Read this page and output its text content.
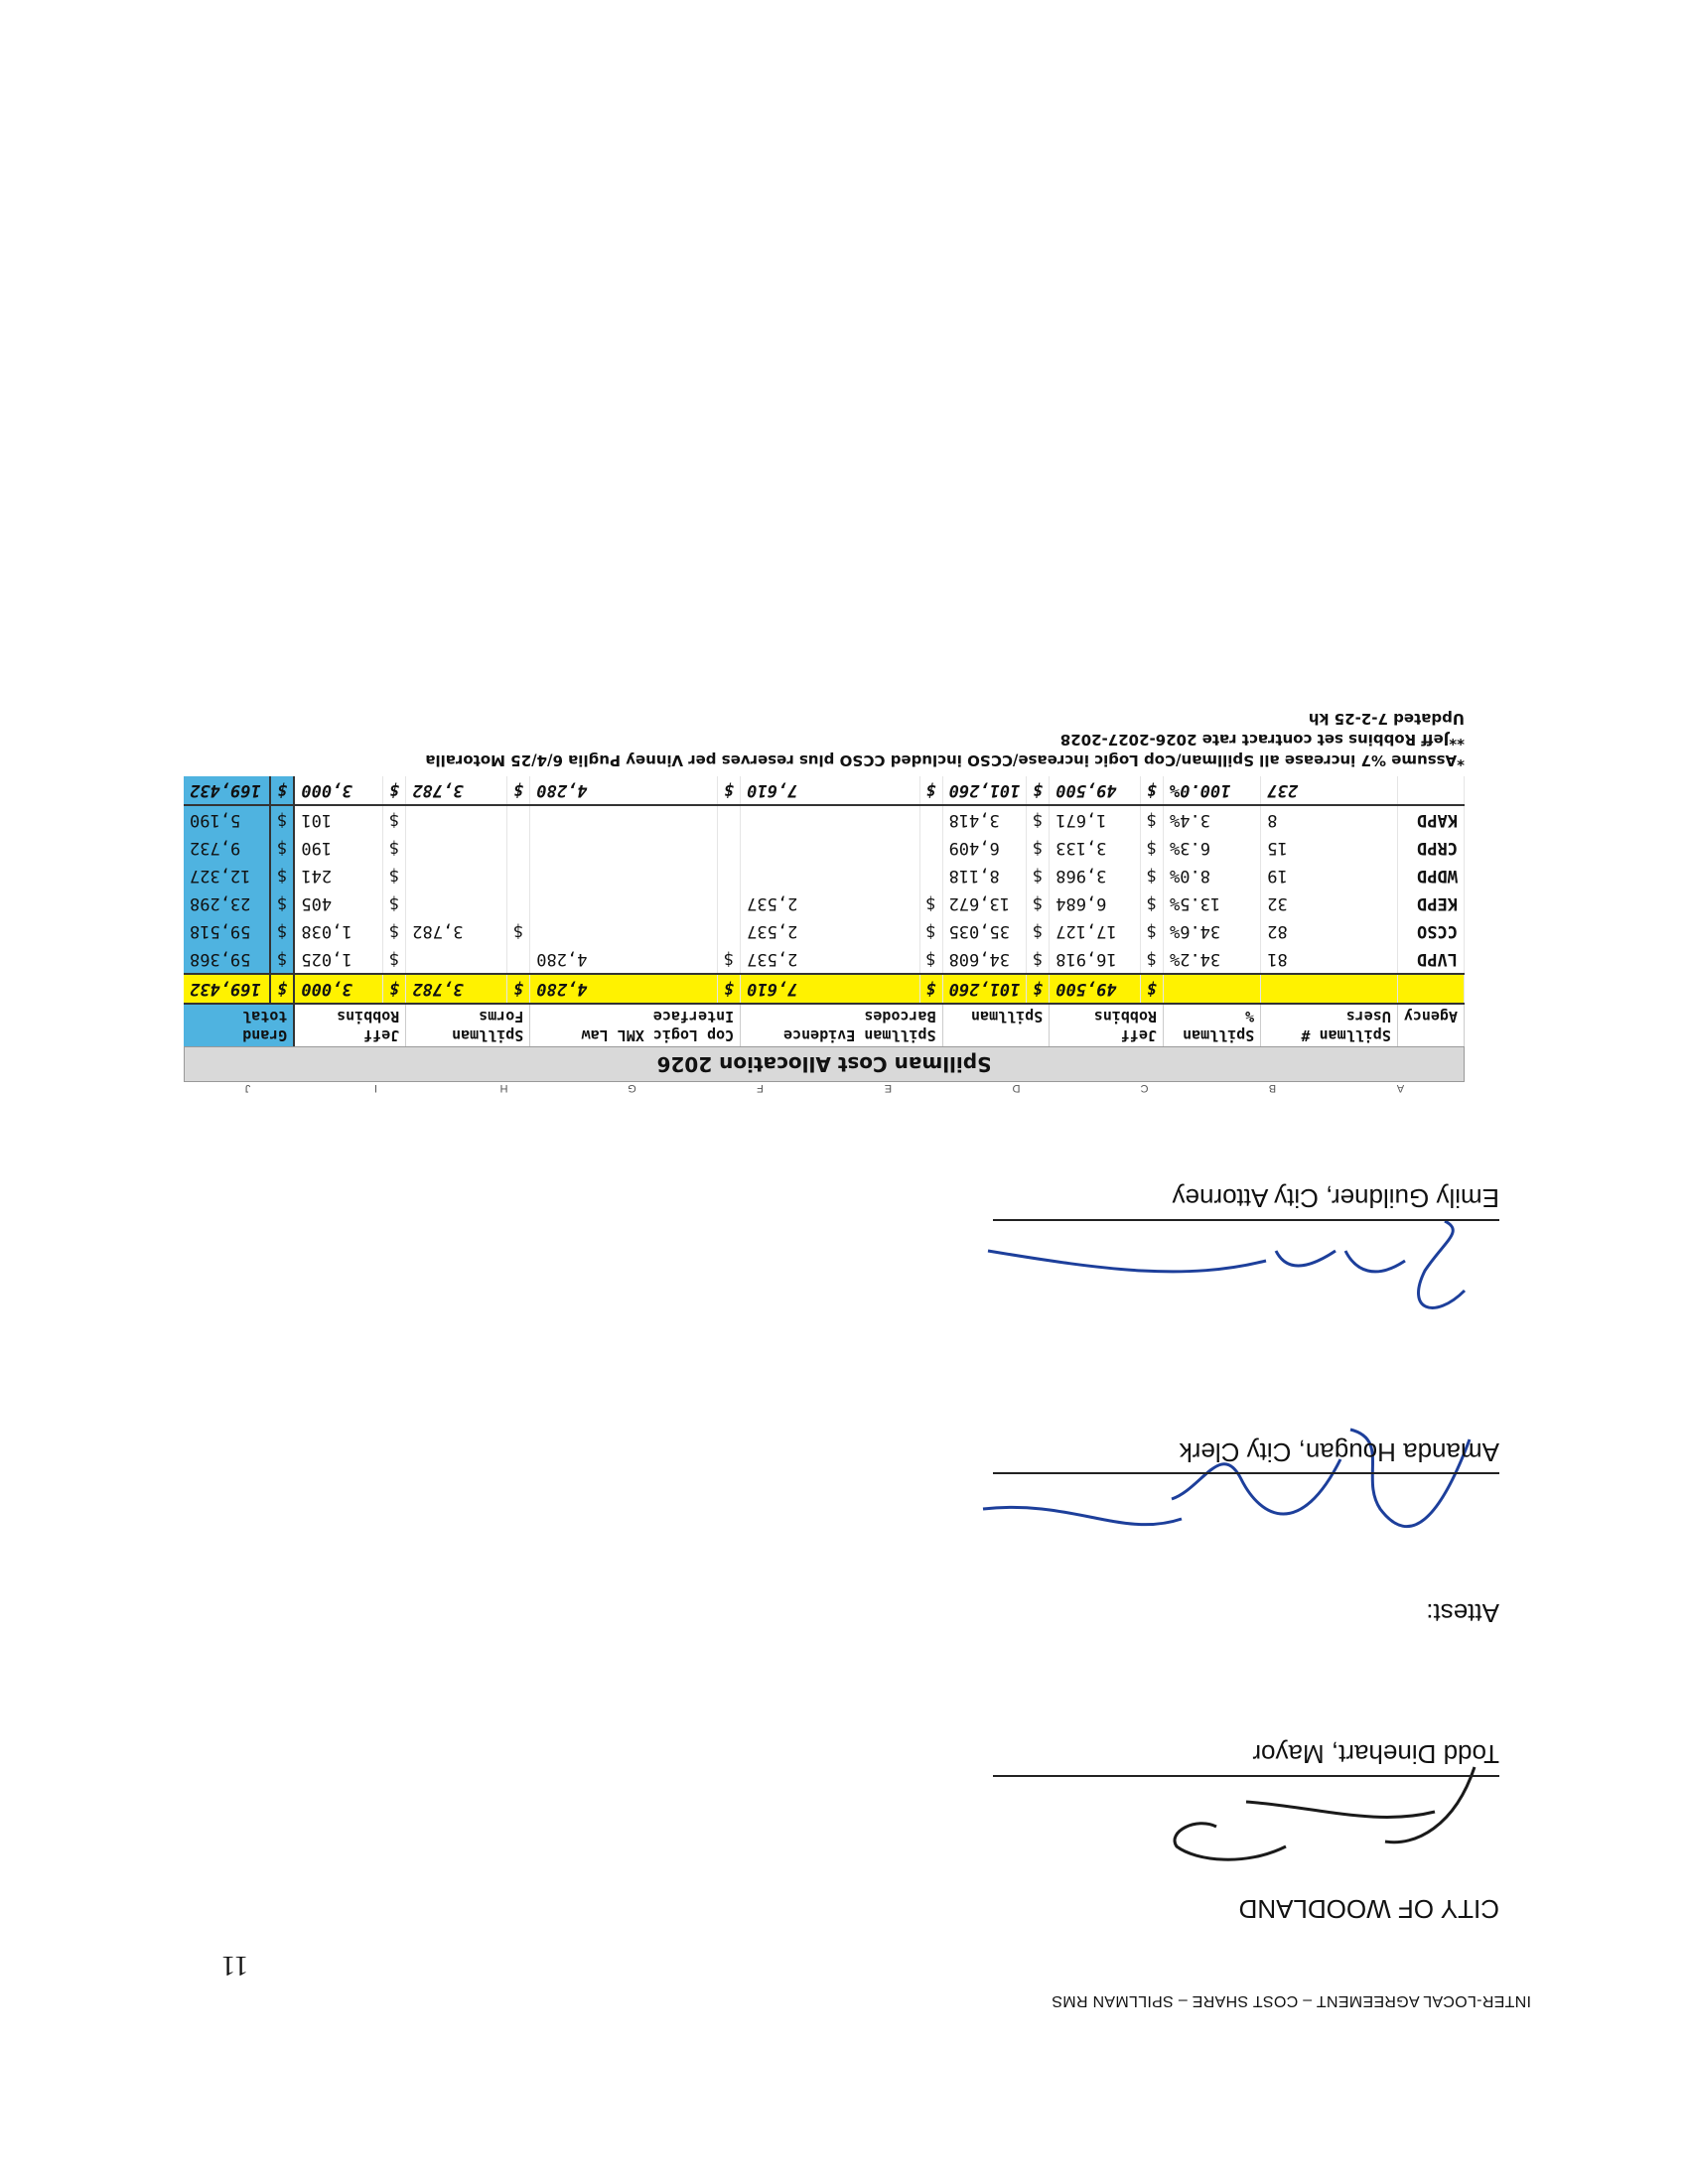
INTER-LOCAL AGREEMENT – COST SHARE – SPILLMAN RMS
11
CITY OF WOODLAND
Todd Dinehart, Mayor
Attest:
Amanda Hougan, City Clerk
Emily Guildner, City Attorney
A
B
C
D
E
F
G
H
I
J
Spillman Cost Allocation 2026
Agency	Spillman # Users	Spillman %	Jeff Robbins		Spillman		Spillman Evidence Barcodes		Cop Logic XML Law Interface		Spillman Forms		Jeff Robbins		Grand total	
			$	49,500	$	101,260	$	7,610	$	4,280	$	3,782	$	3,000	$	169,432
LVPD	81	34.2%	$	16,918	$	34,608	$	2,537	$	4,280			$	1,025	$	59,368
CCSO	82	34.6%	$	17,127	$	35,035	$	2,537			$	3,782	$	1,038	$	59,518
KEPD	32	13.5%	$	6,684	$	13,672	$	2,537					$	405	$	23,298
WDPD	19	8.0%	$	3,968	$	8,118							$	241	$	12,327
CRPD	15	6.3%	$	3,133	$	6,409							$	190	$	9,732
KAPD	8	3.4%	$	1,671	$	3,418							$	101	$	5,190
	237	100.0%	$	49,500	$	101,260	$	7,610	$	4,280	$	3,782	$	3,000	$	169,432
*Assume %7 increase all Spillman/Cop Logic increase/CCSO included CCSO plus reserves per Vinney Puglia 6/4/25 Motoralla
**Jeff Robbins set contract rate 2026-2027-2028
Updated 7-2-25 kh
